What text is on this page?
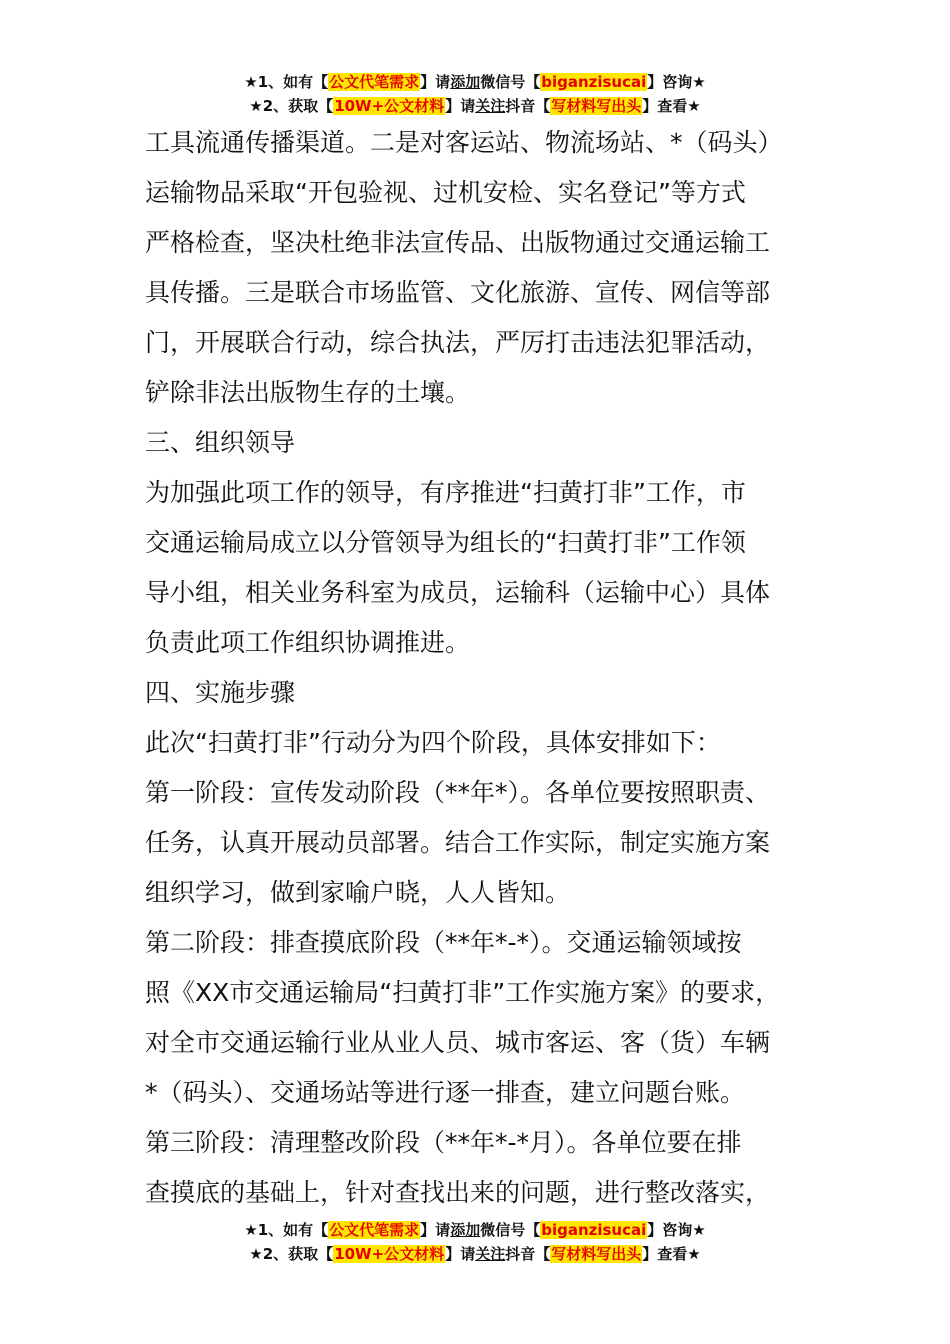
★1、如有【公文代笔需求】请添加微信号【biganzisucai】咨询★
★2、获取【10W+公文材料】请关注抖音【写材料写出头】查看★

工具流通传播渠道。二是对客运站、物流场站、*（码头）

运输物品采取“开包验视、过机安检、实名登记”等方式

严格检查，坚决杜绝非法宣传品、出版物通过交通运输工

具传播。三是联合市场监管、文化旅游、宣传、网信等部

门，开展联合行动，综合执法，严厉打击违法犯罪活动，

铲除非法出版物生存的土壤。

三、组织领导

为加强此项工作的领导，有序推进“扫黄打非”工作，市

交通运输局成立以分管领导为组长的“扫黄打非”工作领

导小组，相关业务科室为成员，运输科（运输中心）具体

负责此项工作组织协调推进。

四、实施步骤

此次“扫黄打非”行动分为四个阶段，具体安排如下：

第一阶段：宣传发动阶段（**年*）。各单位要按照职责、

任务，认真开展动员部署。结合工作实际，制定实施方案

组织学习，做到家喻户晓，人人皆知。

第二阶段：排查摸底阶段（**年*-*）。交通运输领域按

照《XX市交通运输局“扫黄打非”工作实施方案》的要求，

对全市交通运输行业从业人员、城市客运、客（货）车辆

*（码头）、交通场站等进行逐一排查，建立问题台账。

第三阶段：清理整改阶段（**年*-*月）。各单位要在排

查摸底的基础上，针对查找出来的问题，进行整改落实，

★1、如有【公文代笔需求】请添加微信号【biganzisucai】咨询★
★2、获取【10W+公文材料】请关注抖音【写材料写出头】查看★
